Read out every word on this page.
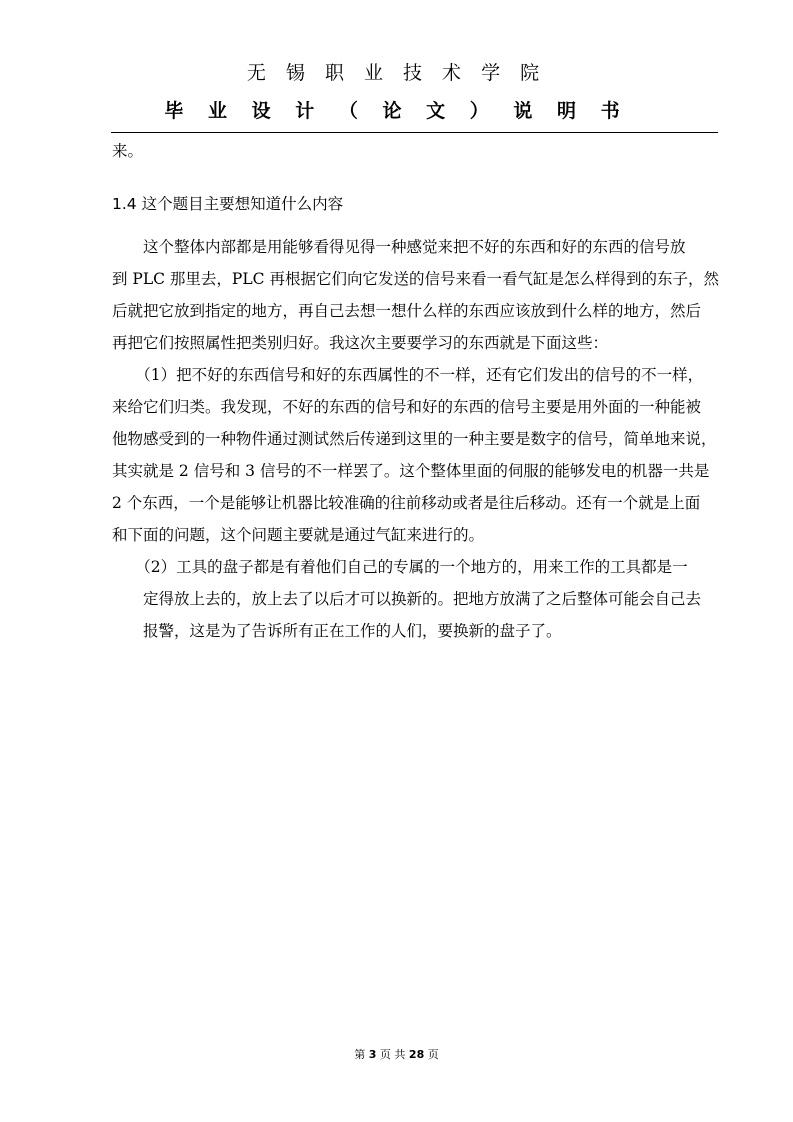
无 锡 职 业 技 术 学 院
毕 业 设 计 （ 论 文 ） 说 明 书
来。
1.4 这个题目主要想知道什么内容
　　这个整体内部都是用能够看得见得一种感觉来把不好的东西和好的东西的信号放
到 PLC 那里去，PLC 再根据它们向它发送的信号来看一看气缸是怎么样得到的东子，然
后就把它放到指定的地方，再自己去想一想什么样的东西应该放到什么样的地方，然后
再把它们按照属性把类别归好。我这次主要要学习的东西就是下面这些：
　　（1）把不好的东西信号和好的东西属性的不一样，还有它们发出的信号的不一样，
来给它们归类。我发现，不好的东西的信号和好的东西的信号主要是用外面的一种能被
他物感受到的一种物件通过测试然后传递到这里的一种主要是数字的信号，简单地来说，
其实就是 2 信号和 3 信号的不一样罢了。这个整体里面的伺服的能够发电的机器一共是
2 个东西，一个是能够让机器比较准确的往前移动或者是往后移动。还有一个就是上面
和下面的问题，这个问题主要就是通过气缸来进行的。
　　（2）工具的盘子都是有着他们自己的专属的一个地方的，用来工作的工具都是一
　　定得放上去的，放上去了以后才可以换新的。把地方放满了之后整体可能会自己去
　　报警，这是为了告诉所有正在工作的人们，要换新的盘子了。
第 3 页 共 28 页
